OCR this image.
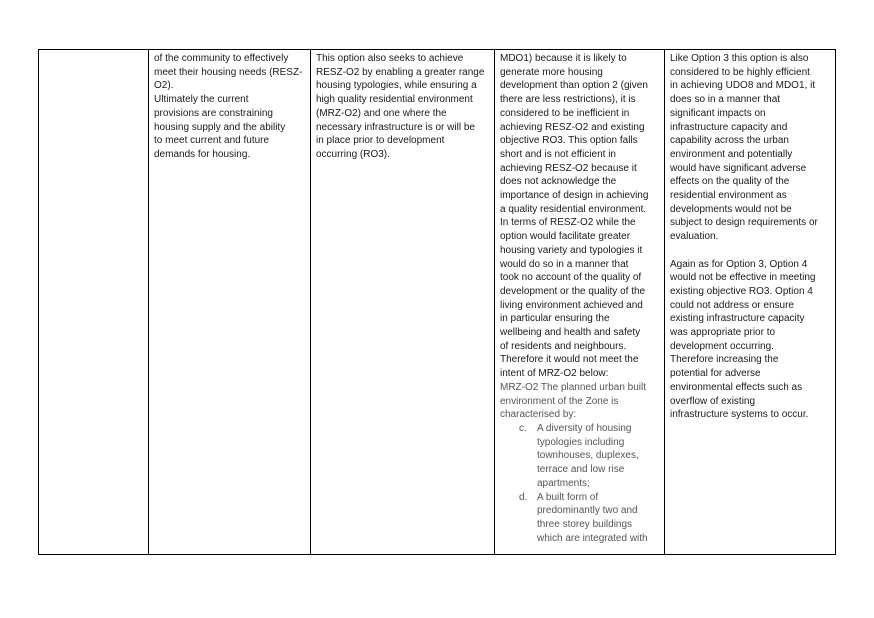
of the community to effectively
meet their housing needs (RESZ-
O2).
Ultimately the current
provisions are constraining
housing supply and the ability
to meet current and future
demands for housing.

This option also seeks to achieve
RESZ-O2 by enabling a greater range
housing typologies, while ensuring a
high quality residential environment
(MRZ-O2) and one where the
necessary infrastructure is or will be
in place prior to development
occurring (RO3).

MDO1) because it is likely to
generate more housing
development than option 2 (given
there are less restrictions), it is
considered to be inefficient in
achieving RESZ-O2 and existing
objective RO3. This option falls
short and is not efficient in
achieving RESZ-O2 because it
does not acknowledge the
importance of design in achieving
a quality residential environment.
In terms of RESZ-O2 while the
option would facilitate greater
housing variety and typologies it
would do so in a manner that
took no account of the quality of
development or the quality of the
living environment achieved and
in particular ensuring the
wellbeing and health and safety
of residents and neighbours.
Therefore it would not meet the
intent of MRZ-O2 below:
MRZ-O2 The planned urban built
environment of the Zone is
characterised by:
c. A diversity of housing
typologies including
townhouses, duplexes,
terrace and low rise
apartments;
d. A built form of
predominantly two and
three storey buildings
which are integrated with

Like Option 3 this option is also
considered to be highly efficient
in achieving UDO8 and MDO1, it
does so in a manner that
significant impacts on
infrastructure capacity and
capability across the urban
environment and potentially
would have significant adverse
effects on the quality of the
residential environment as
developments would not be
subject to design requirements or
evaluation.
Again as for Option 3, Option 4
would not be effective in meeting
existing objective RO3. Option 4
could not address or ensure
existing infrastructure capacity
was appropriate prior to
development occurring.
Therefore increasing the
potential for adverse
environmental effects such as
overflow of existing
infrastructure systems to occur.
